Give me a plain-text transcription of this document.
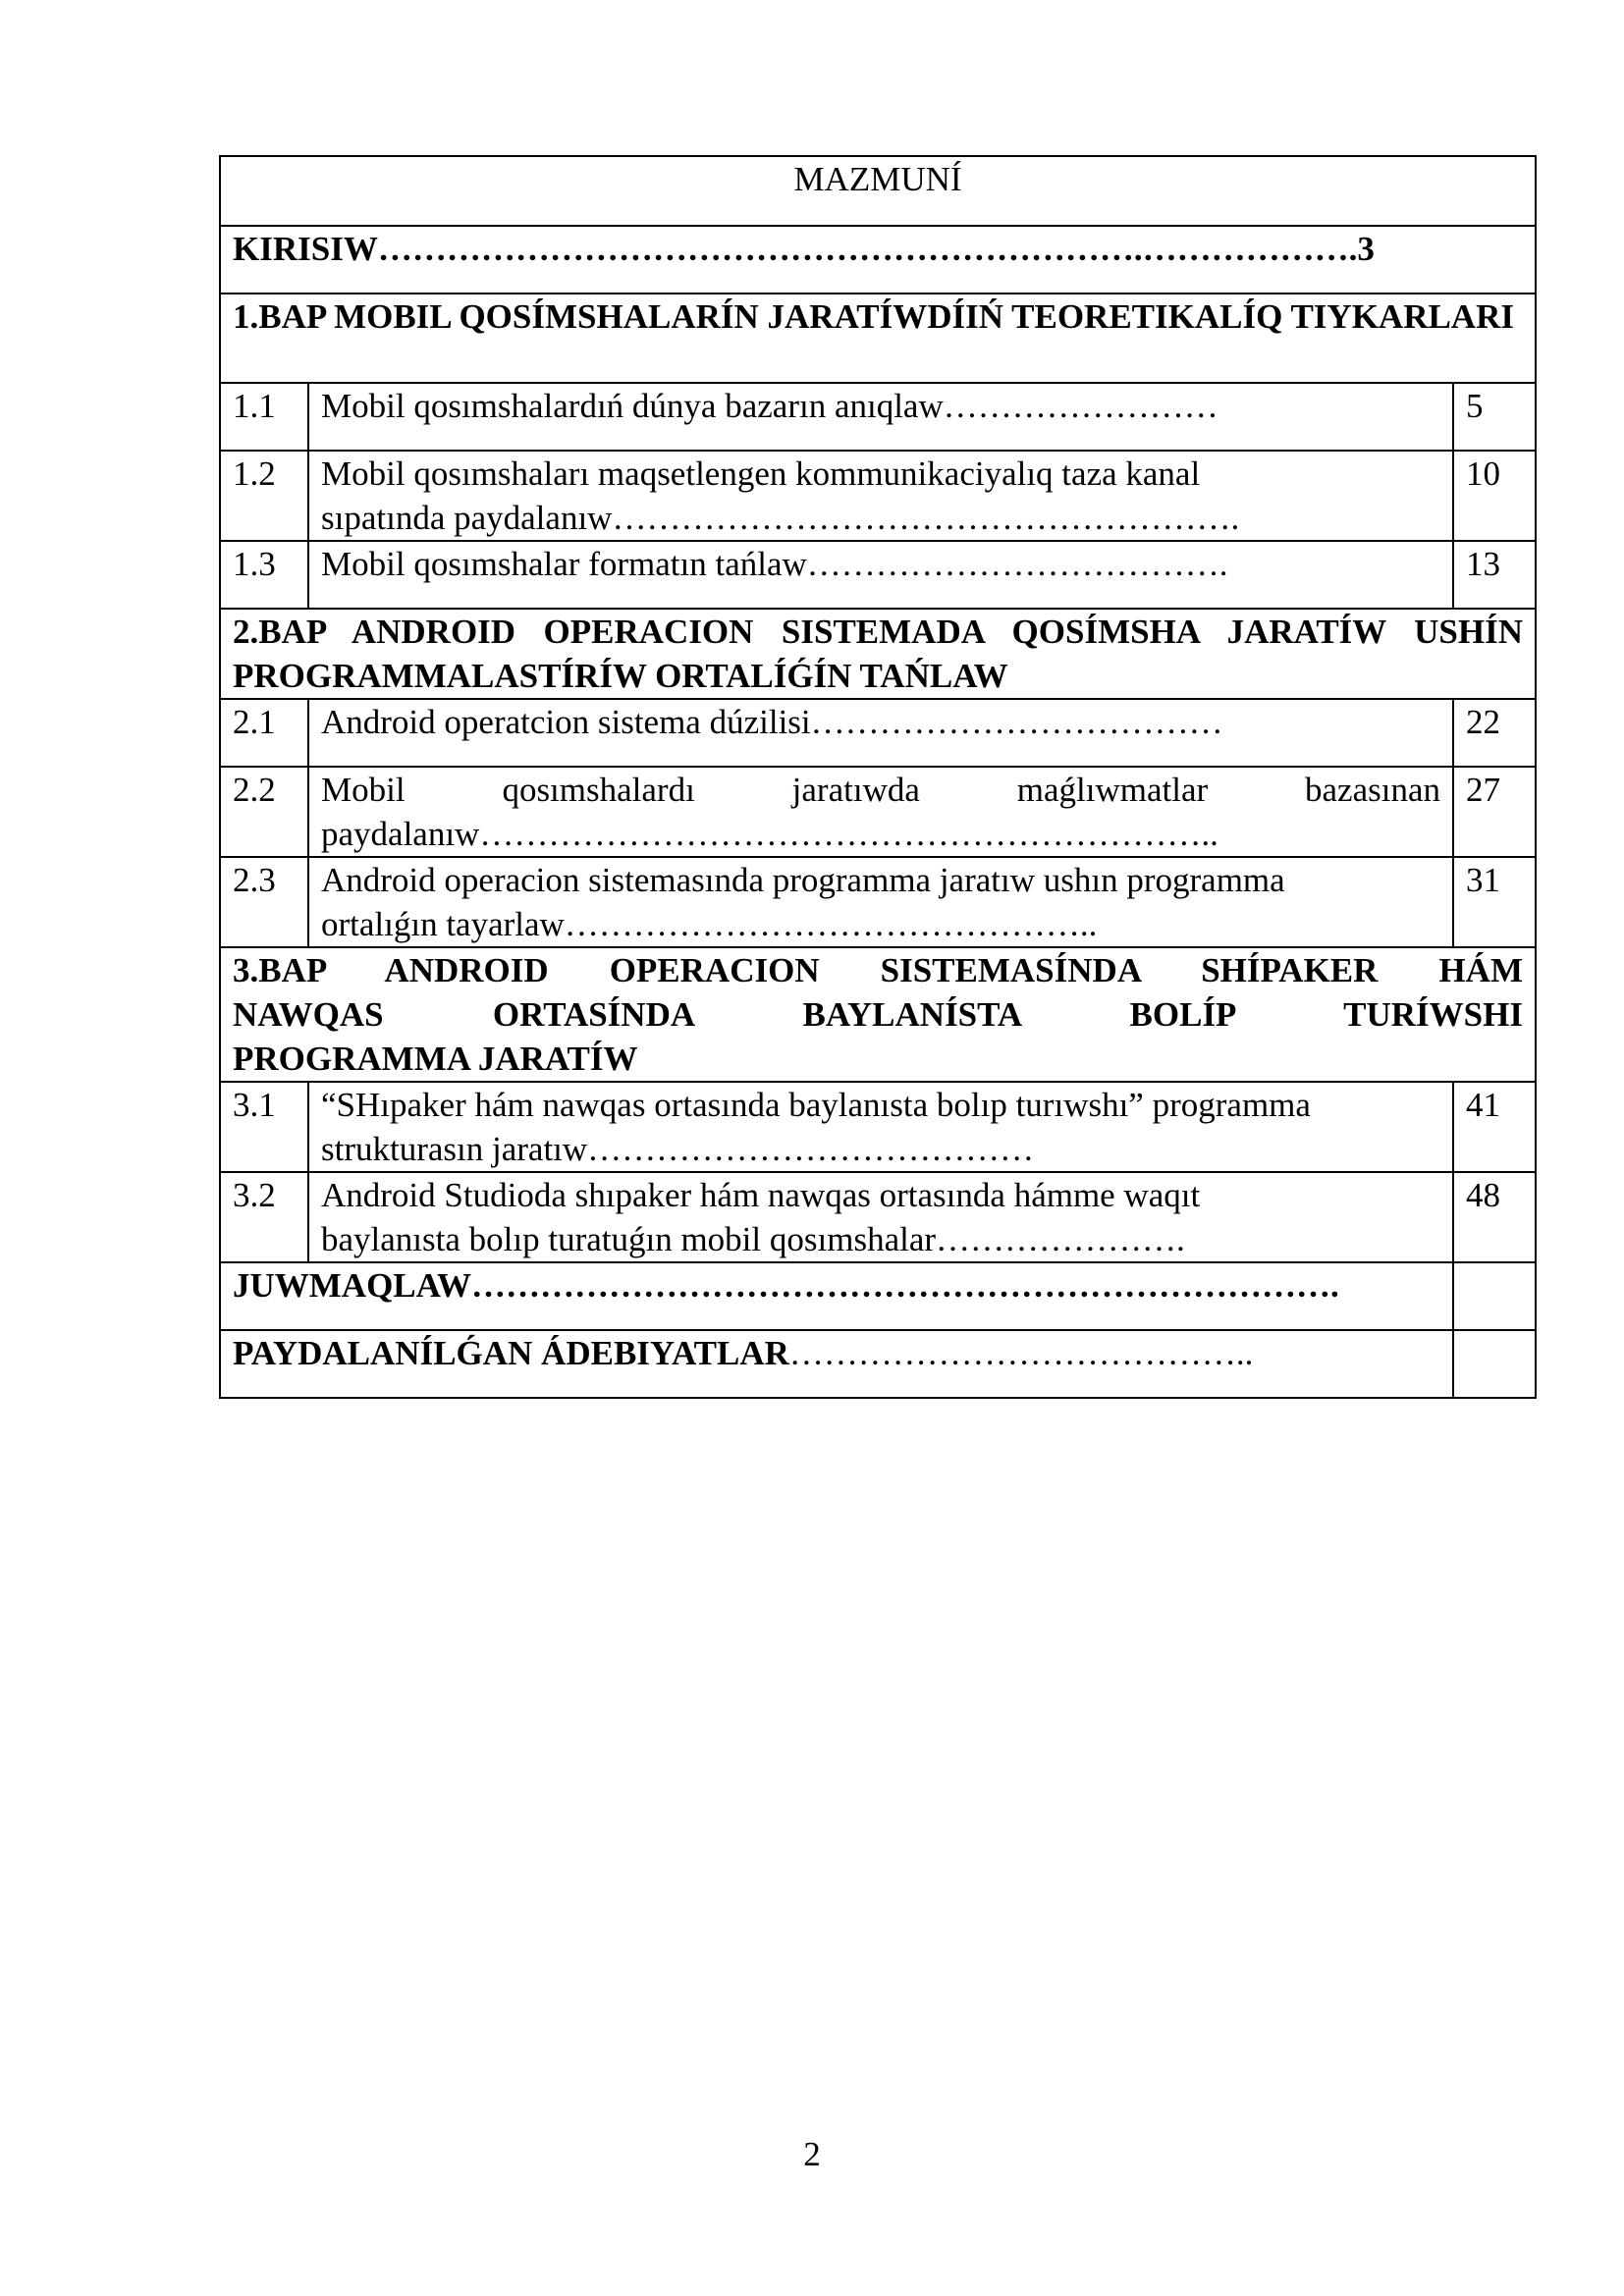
MAZMUNÍ		
KIRISIW………………………………………………………….……………….3		
1.BAP MOBIL QOSÍMSHALARÍN JARATÍWDÍIŃ TEORETIKALÍQ TIYKARLARI		
1.1	Mobil qosımshalardıń dúnya bazarın anıqlaw……………………	5
1.2	Mobil qosımshaları maqsetlengen kommunikaciyalıq taza kanal
sıpatında paydalanıw……………………………………………….	10
1.3	Mobil qosımshalar formatın tańlaw……………………………….	13
2.BAP ANDROID OPERACION SISTEMADA QOSÍMSHA JARATÍW USHÍN PROGRAMMALASTÍRÍW ORTALÍǴÍN TAŃLAW		
2.1	Android operatcion sistema dúzilisi………………………………	22
2.2	Mobil qosımshalardı jaratıwda maǵlıwmatlar bazasınan
paydalanıw………………………………………………………..	27
2.3	Android operacion sistemasında programma jaratıw ushın programma
ortalıǵın tayarlaw………………………………………..	31

3.BAP ANDROID OPERACION SISTEMASÍNDA SHÍPAKER HÁM
NAWQAS ORTASÍNDA BAYLANÍSTA BOLÍP TURÍWSHI
PROGRAMMA JARATÍW		

3.1	“SHıpaker hám nawqas ortasında baylanısta bolıp turıwshı” programma
strukturasın jaratıw…………………………………	41
3.2	Android Studioda shıpaker hám nawqas ortasında hámme waqıt
baylanısta bolıp turatuǵın mobil qosımshalar………………….	48
JUWMAQLAW………………………………………………………………….		
PAYDALANÍLǴAN ÁDEBIYATLAR…………………………………..		
2
